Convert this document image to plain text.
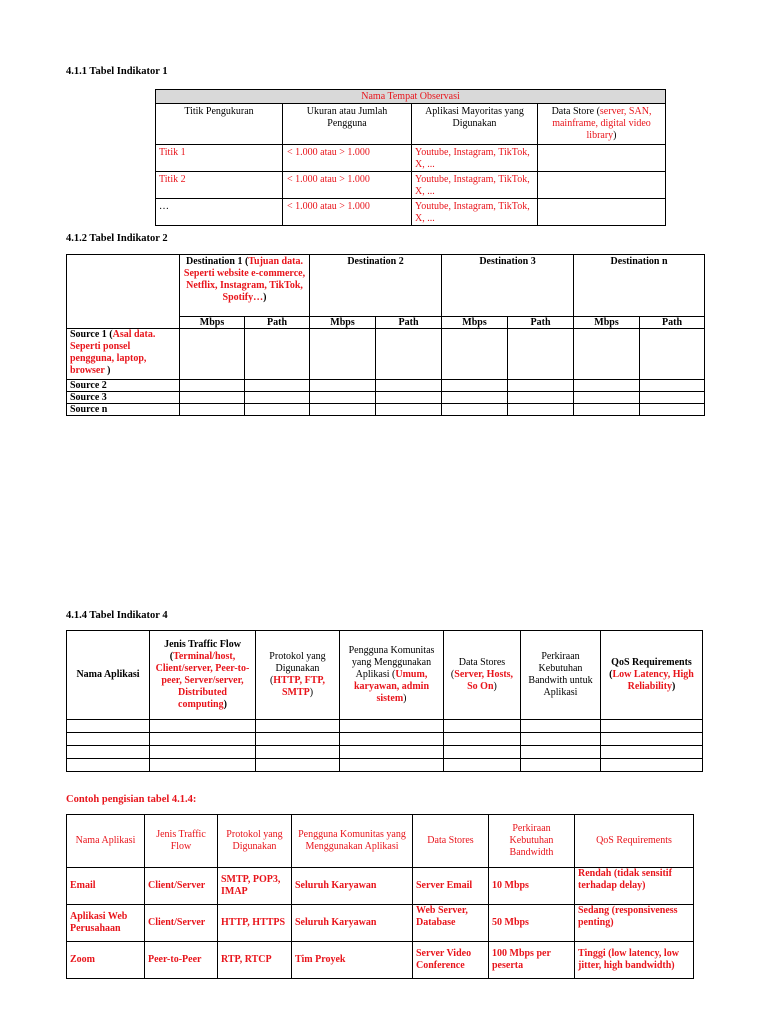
4.1.1 Tabel Indikator 1
Nama Tempat Observasi			
Titik Pengukuran	Ukuran atau Jumlah Pengguna	Aplikasi Mayoritas yang Digunakan	Data Store (server, SAN, mainframe, digital video library)
Titik 1	< 1.000 atau > 1.000	Youtube, Instagram, TikTok, X, ...	
Titik 2	< 1.000 atau > 1.000	Youtube, Instagram, TikTok, X, ...	
…	< 1.000 atau > 1.000	Youtube, Instagram, TikTok, X, ...	
4.1.2 Tabel Indikator 2
	Destination 1 (Tujuan data. Seperti website e-commerce, Netflix, Instagram, TikTok, Spotify…)		Destination 2		Destination 3		Destination n	
	Mbps	Path	Mbps	Path	Mbps	Path	Mbps	Path
Source 1 (Asal data. Seperti ponsel pengguna, laptop, browser )								
Source 2								
Source 3								
Source n								
4.1.4 Tabel Indikator 4
Nama Aplikasi	Jenis Traffic Flow (Terminal/host, Client/server, Peer-to-peer, Server/server, Distributed computing)	Protokol yang Digunakan (HTTP, FTP, SMTP)	Pengguna Komunitas yang Menggunakan Aplikasi (Umum, karyawan, admin sistem)	Data Stores (Server, Hosts, So On)	Perkiraan Kebutuhan Bandwith untuk Aplikasi	QoS Requirements (Low Latency, High Reliability)

Contoh pengisian tabel 4.1.4:
Nama Aplikasi	Jenis Traffic Flow	Protokol yang Digunakan	Pengguna Komunitas yang Menggunakan Aplikasi	Data Stores	Perkiraan Kebutuhan Bandwidth	QoS Requirements
Email	Client/Server	SMTP, POP3, IMAP	Seluruh Karyawan	Server Email	10 Mbps	Rendah (tidak sensitif terhadap delay)
Aplikasi Web Perusahaan	Client/Server	HTTP, HTTPS	Seluruh Karyawan	Web Server, Database	50 Mbps	Sedang (responsiveness penting)
Zoom	Peer-to-Peer	RTP, RTCP	Tim Proyek	Server Video Conference	100 Mbps per peserta	Tinggi (low latency, low jitter, high bandwidth)
